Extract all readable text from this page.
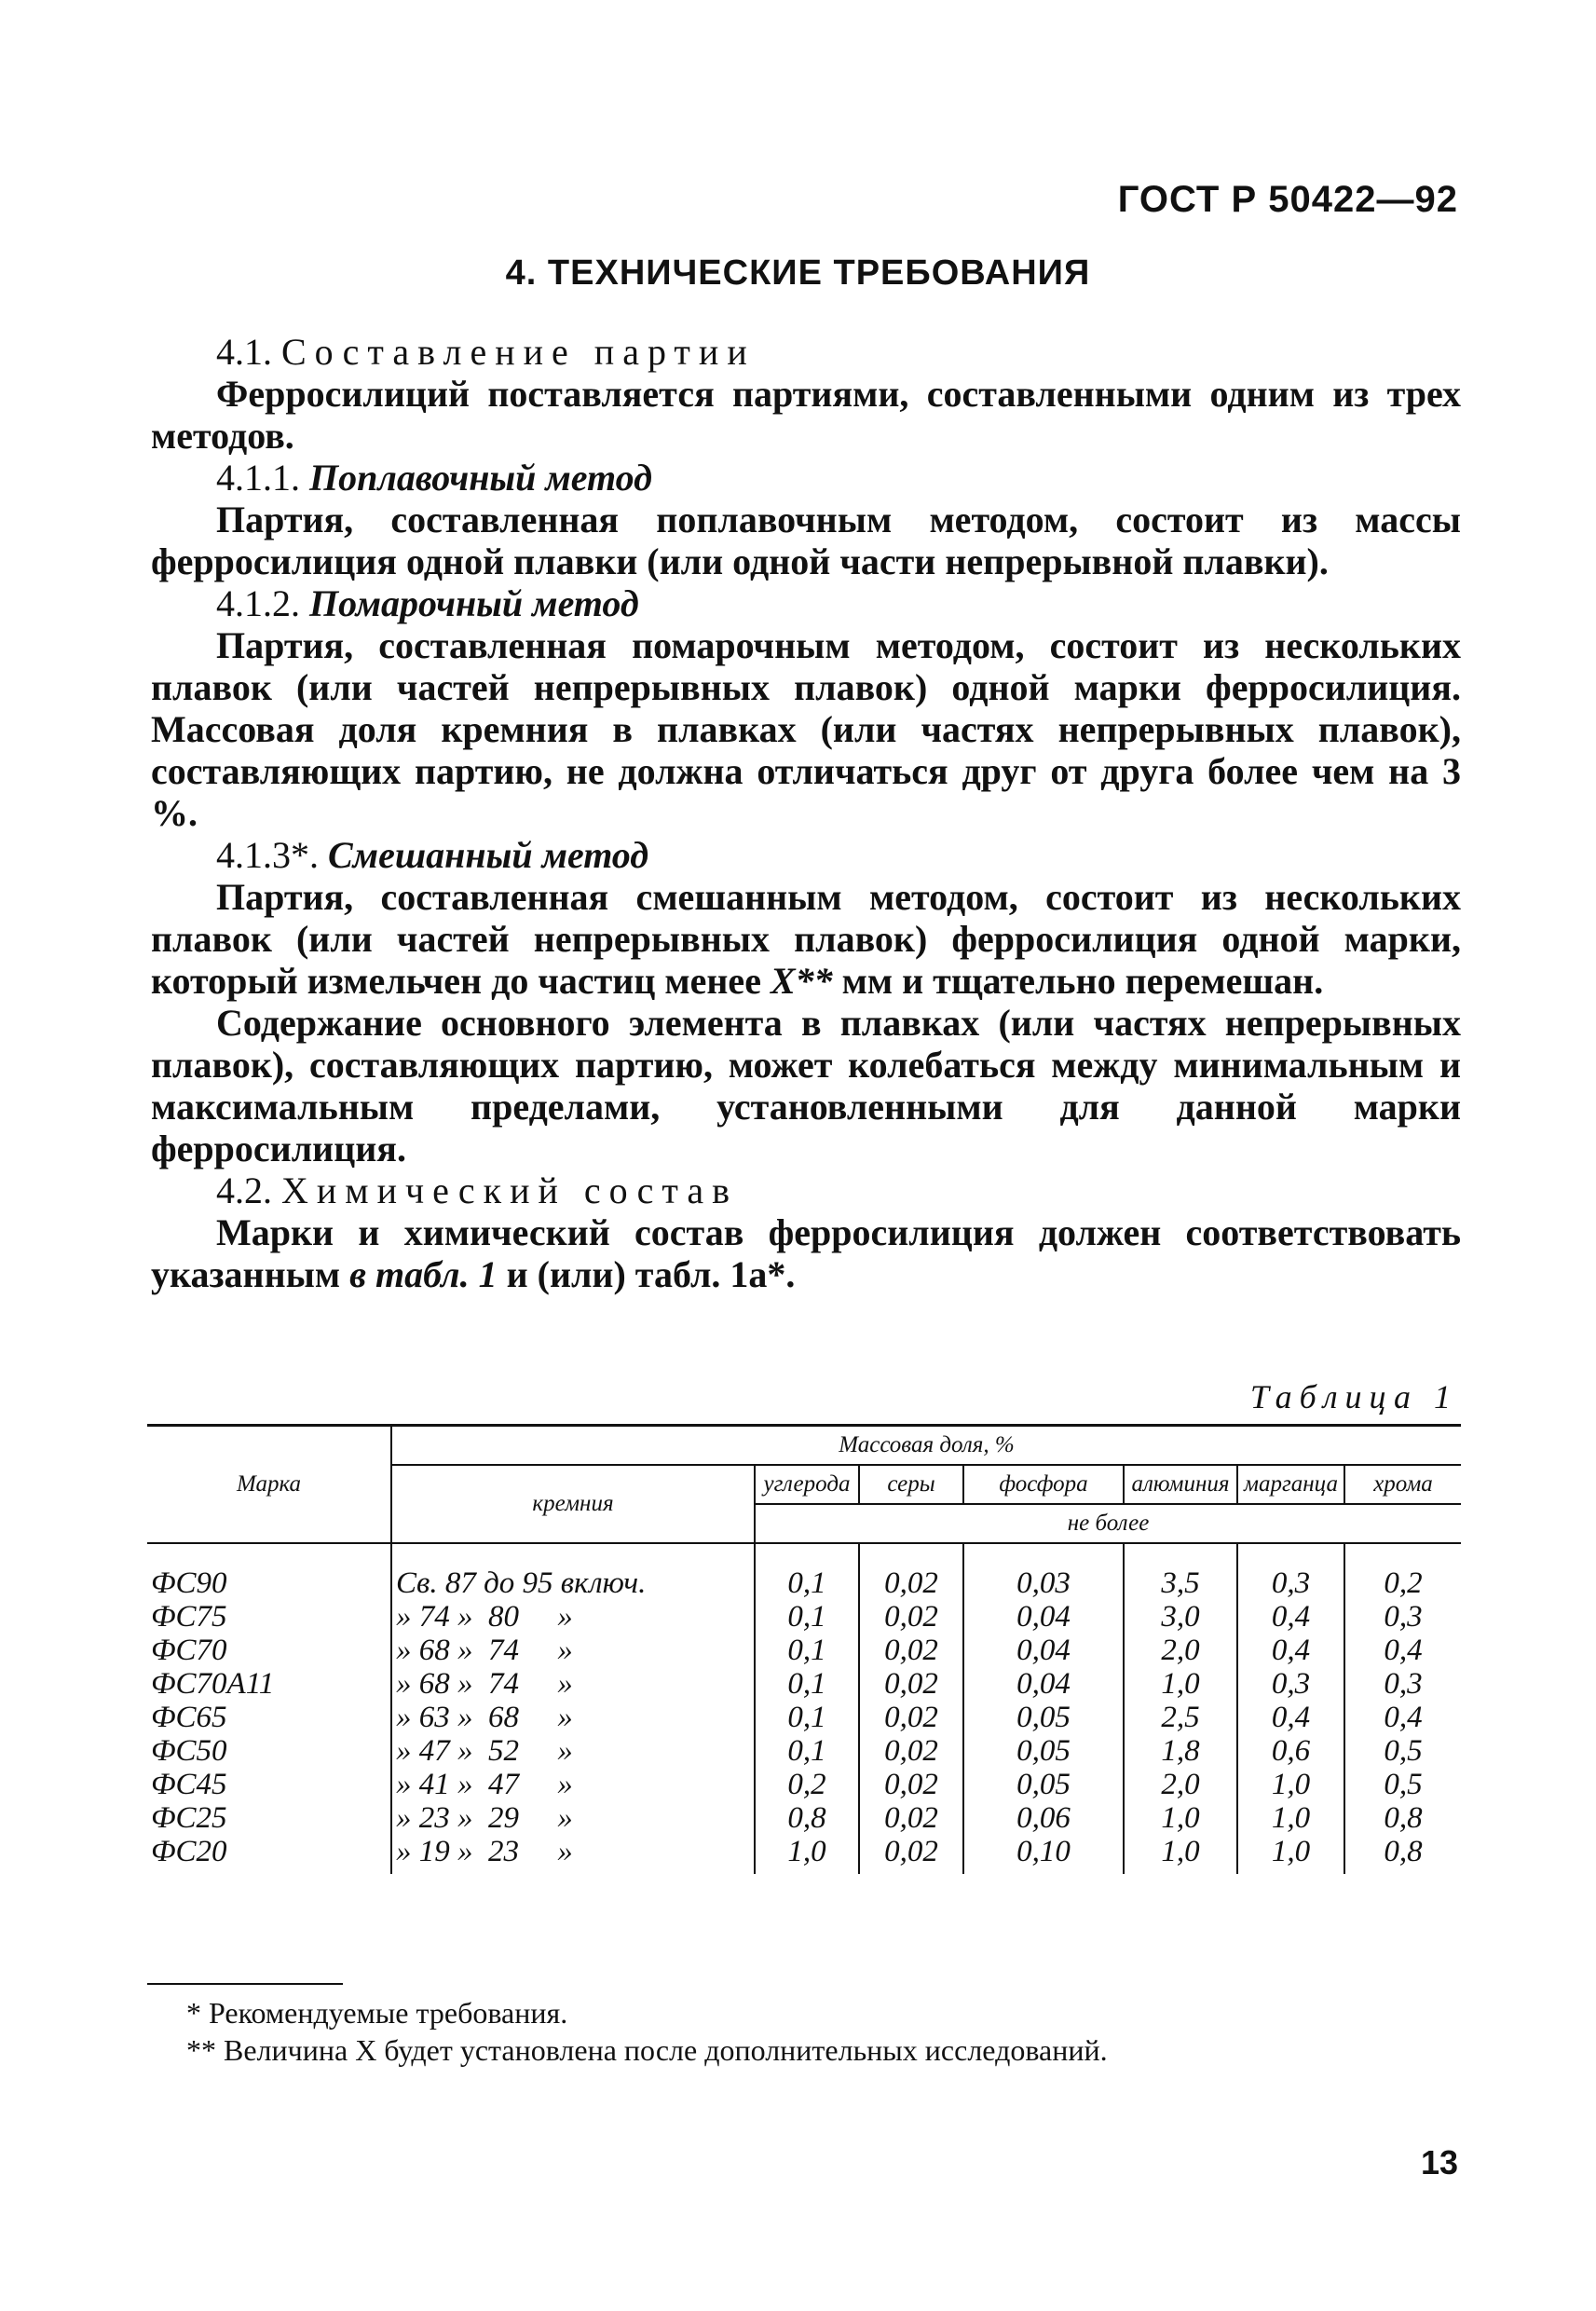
ГОСТ Р 50422—92
4. ТЕХНИЧЕСКИЕ ТРЕБОВАНИЯ

4.1. Составление партии

Ферросилиций поставляется партиями, составленными одним из трех методов.

4.1.1. Поплавочный метод

Партия, составленная поплавочным методом, состоит из массы ферросилиция одной плавки (или одной части непрерывной плавки).

4.1.2. Помарочный метод

Партия, составленная помарочным методом, состоит из нескольких плавок (или частей непрерывных плавок) одной марки ферросилиция. Массовая доля кремния в плавках (или частях непрерывных плавок), составляющих партию, не должна отличаться друг от друга более чем на 3 %.

4.1.3*. Смешанный метод

Партия, составленная смешанным методом, состоит из нескольких плавок (или частей непрерывных плавок) ферросилиция одной марки, который измельчен до частиц менее X** мм и тщательно перемешан.

Содержание основного элемента в плавках (или частях непрерывных плавок), составляющих партию, может колебаться между минимальным и максимальным пределами, установленными для данной марки ферросилиция.

4.2. Химический состав

Марки и химический состав ферросилиция должен соответствовать указанным в табл. 1 и (или) табл. 1а*.

Таблица 1
Марка	Массовая доля, %						
	кремния	углерода	серы	фосфора	алюминия	марганца	хрома
		не более					
ФС90	Св. 87 до 95 включ.	0,1	0,02	0,03	3,5	0,3	0,2
ФС75	» 74 »  80     »	0,1	0,02	0,04	3,0	0,4	0,3
ФС70	» 68 »  74     »	0,1	0,02	0,04	2,0	0,4	0,4
ФС70А11	» 68 »  74     »	0,1	0,02	0,04	1,0	0,3	0,3
ФС65	» 63 »  68     »	0,1	0,02	0,05	2,5	0,4	0,4
ФС50	» 47 »  52     »	0,1	0,02	0,05	1,8	0,6	0,5
ФС45	» 41 »  47     »	0,2	0,02	0,05	2,0	1,0	0,5
ФС25	» 23 »  29     »	0,8	0,02	0,06	1,0	1,0	0,8
ФС20	» 19 »  23     »	1,0	0,02	0,10	1,0	1,0	0,8
* Рекомендуемые требования.
** Величина X будет установлена после дополнительных исследований.
13
